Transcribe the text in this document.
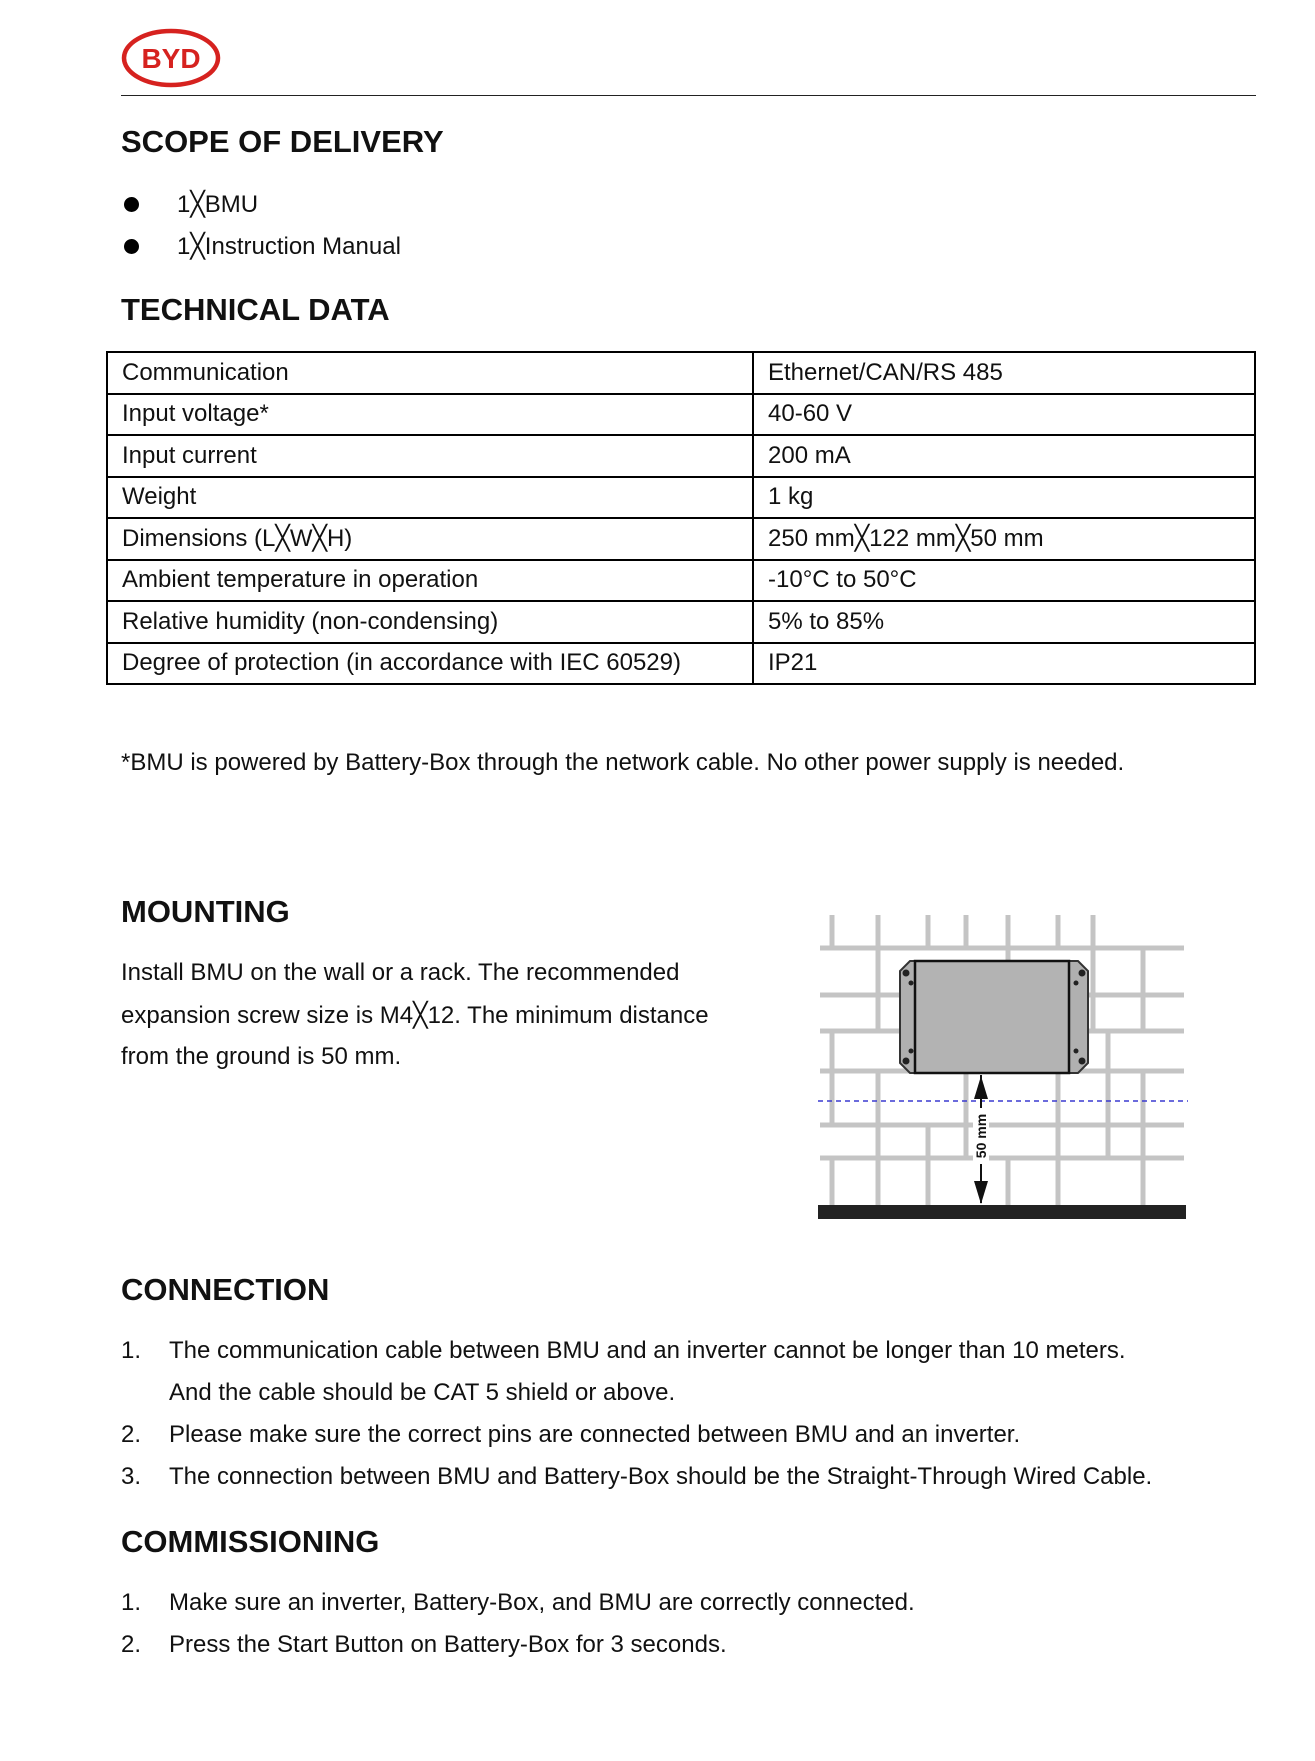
BYD
SCOPE OF DELIVERY
1╳BMU
1╳Instruction Manual
TECHNICAL DATA
Communication	Ethernet/CAN/RS 485
Input voltage*	40-60 V
Input current	200 mA
Weight	1 kg
Dimensions (L╳W╳H)	250 mm╳122 mm╳50 mm
Ambient temperature in operation	-10°C to 50°C
Relative humidity (non-condensing)	5% to 85%
Degree of protection (in accordance with IEC 60529)	IP21
*BMU is powered by Battery-Box through the network cable. No other power supply is needed.
MOUNTING
Install BMU on the wall or a rack. The recommended
expansion screw size is M4╳12. The minimum distance
from the ground is 50 mm.
50 mm
CONNECTION
1. The communication cable between BMU and an inverter cannot be longer than 10 meters.
And the cable should be CAT 5 shield or above.
2. Please make sure the correct pins are connected between BMU and an inverter.
3. The connection between BMU and Battery-Box should be the Straight-Through Wired Cable.
COMMISSIONING
1. Make sure an inverter, Battery-Box, and BMU are correctly connected.
2. Press the Start Button on Battery-Box for 3 seconds.
